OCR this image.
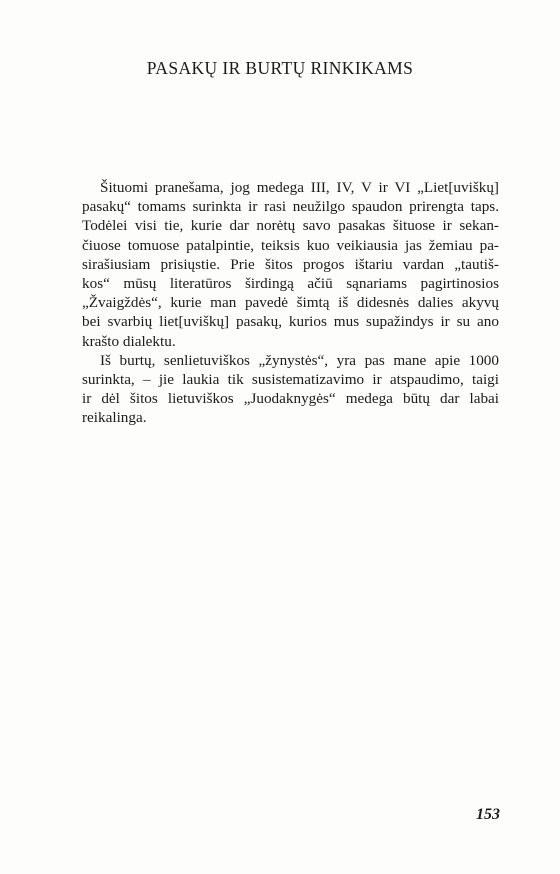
PASAKŲ IR BURTŲ RINKIKAMS
Šituomi pranešama, jog medega III, IV, V ir VI „Liet[uviškų]
pasakų“ tomams surinkta ir rasi neužilgo spaudon prirengta taps.
Todėlei visi tie, kurie dar norėtų savo pasakas šituose ir sekan-
čiuose tomuose patalpintie, teiksis kuo veikiausia jas žemiau pa-
sirašiusiam prisiųstie. Prie šitos progos ištariu vardan „tautiš-
kos“ mūsų literatūros širdingą ačiū sąnariams pagirtinosios
„Žvaigždės“, kurie man pavedė šimtą iš didesnės dalies akyvų
bei svarbių liet[uviškų] pasakų, kurios mus supažindys ir su ano
krašto dialektu.
Iš burtų, senlietuviškos „žynystės“, yra pas mane apie 1000
surinkta, – jie laukia tik susistematizavimo ir atspaudimo, taigi
ir dėl šitos lietuviškos „Juodaknygės“ medega būtų dar labai
reikalinga.
153
